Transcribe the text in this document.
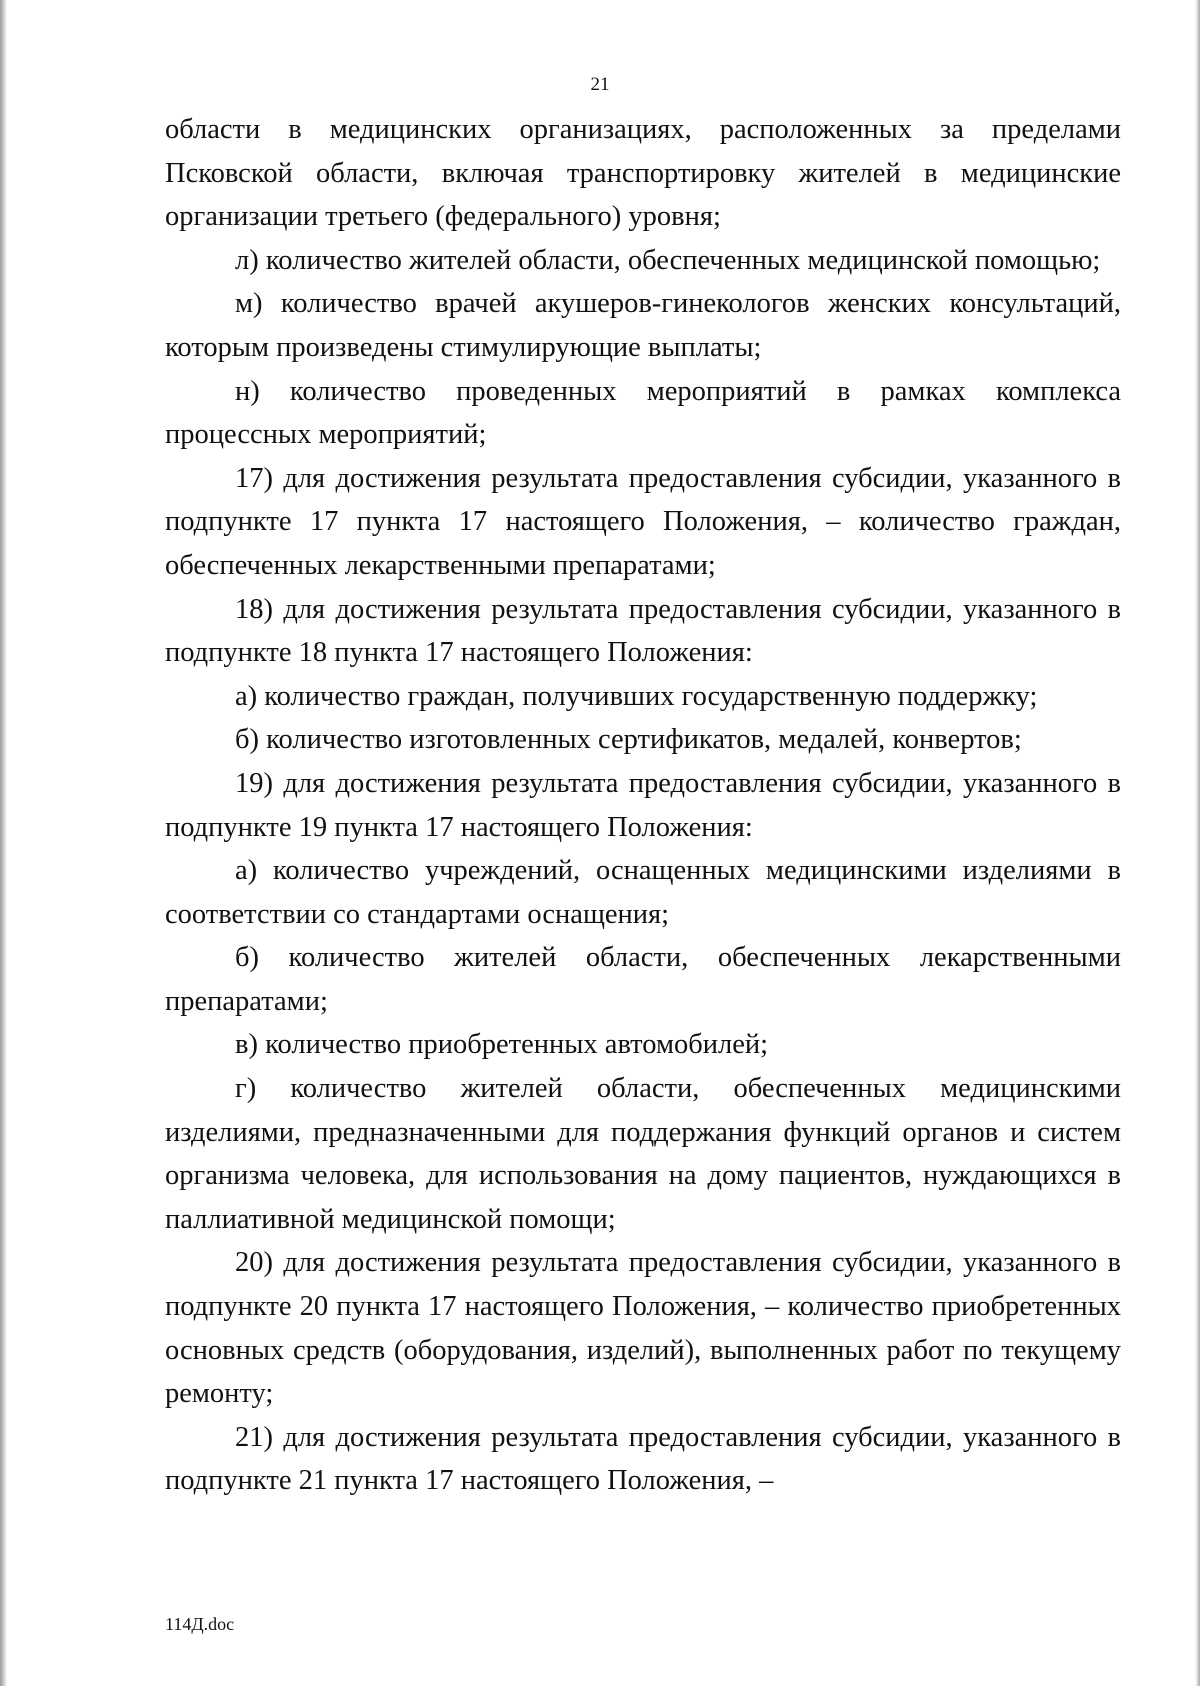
21

области в медицинских организациях, расположенных за пределами Псковской области, включая транспортировку жителей в медицинские организации третьего (федерального) уровня;

л) количество жителей области, обеспеченных медицинской помощью;

м) количество врачей акушеров-гинекологов женских консультаций, которым произведены стимулирующие выплаты;

н) количество проведенных мероприятий в рамках комплекса процессных мероприятий;

17) для достижения результата предоставления субсидии, указанного в подпункте 17 пункта 17 настоящего Положения, – количество граждан, обеспеченных лекарственными препаратами;

18) для достижения результата предоставления субсидии, указанного в подпункте 18 пункта 17 настоящего Положения:

а) количество граждан, получивших государственную поддержку;

б) количество изготовленных сертификатов, медалей, конвертов;

19) для достижения результата предоставления субсидии, указанного в подпункте 19 пункта 17 настоящего Положения:

а) количество учреждений, оснащенных медицинскими изделиями в соответствии со стандартами оснащения;

б) количество жителей области, обеспеченных лекарственными препаратами;

в) количество приобретенных автомобилей;

г) количество жителей области, обеспеченных медицинскими изделиями, предназначенными для поддержания функций органов и систем организма человека, для использования на дому пациентов, нуждающихся в паллиативной медицинской помощи;

20) для достижения результата предоставления субсидии, указанного в подпункте 20 пункта 17 настоящего Положения, – количество приобретенных основных средств (оборудования, изделий), выполненных работ по текущему ремонту;

21) для достижения результата предоставления субсидии, указанного в подпункте 21 пункта 17 настоящего Положения, –

114Д.doc
